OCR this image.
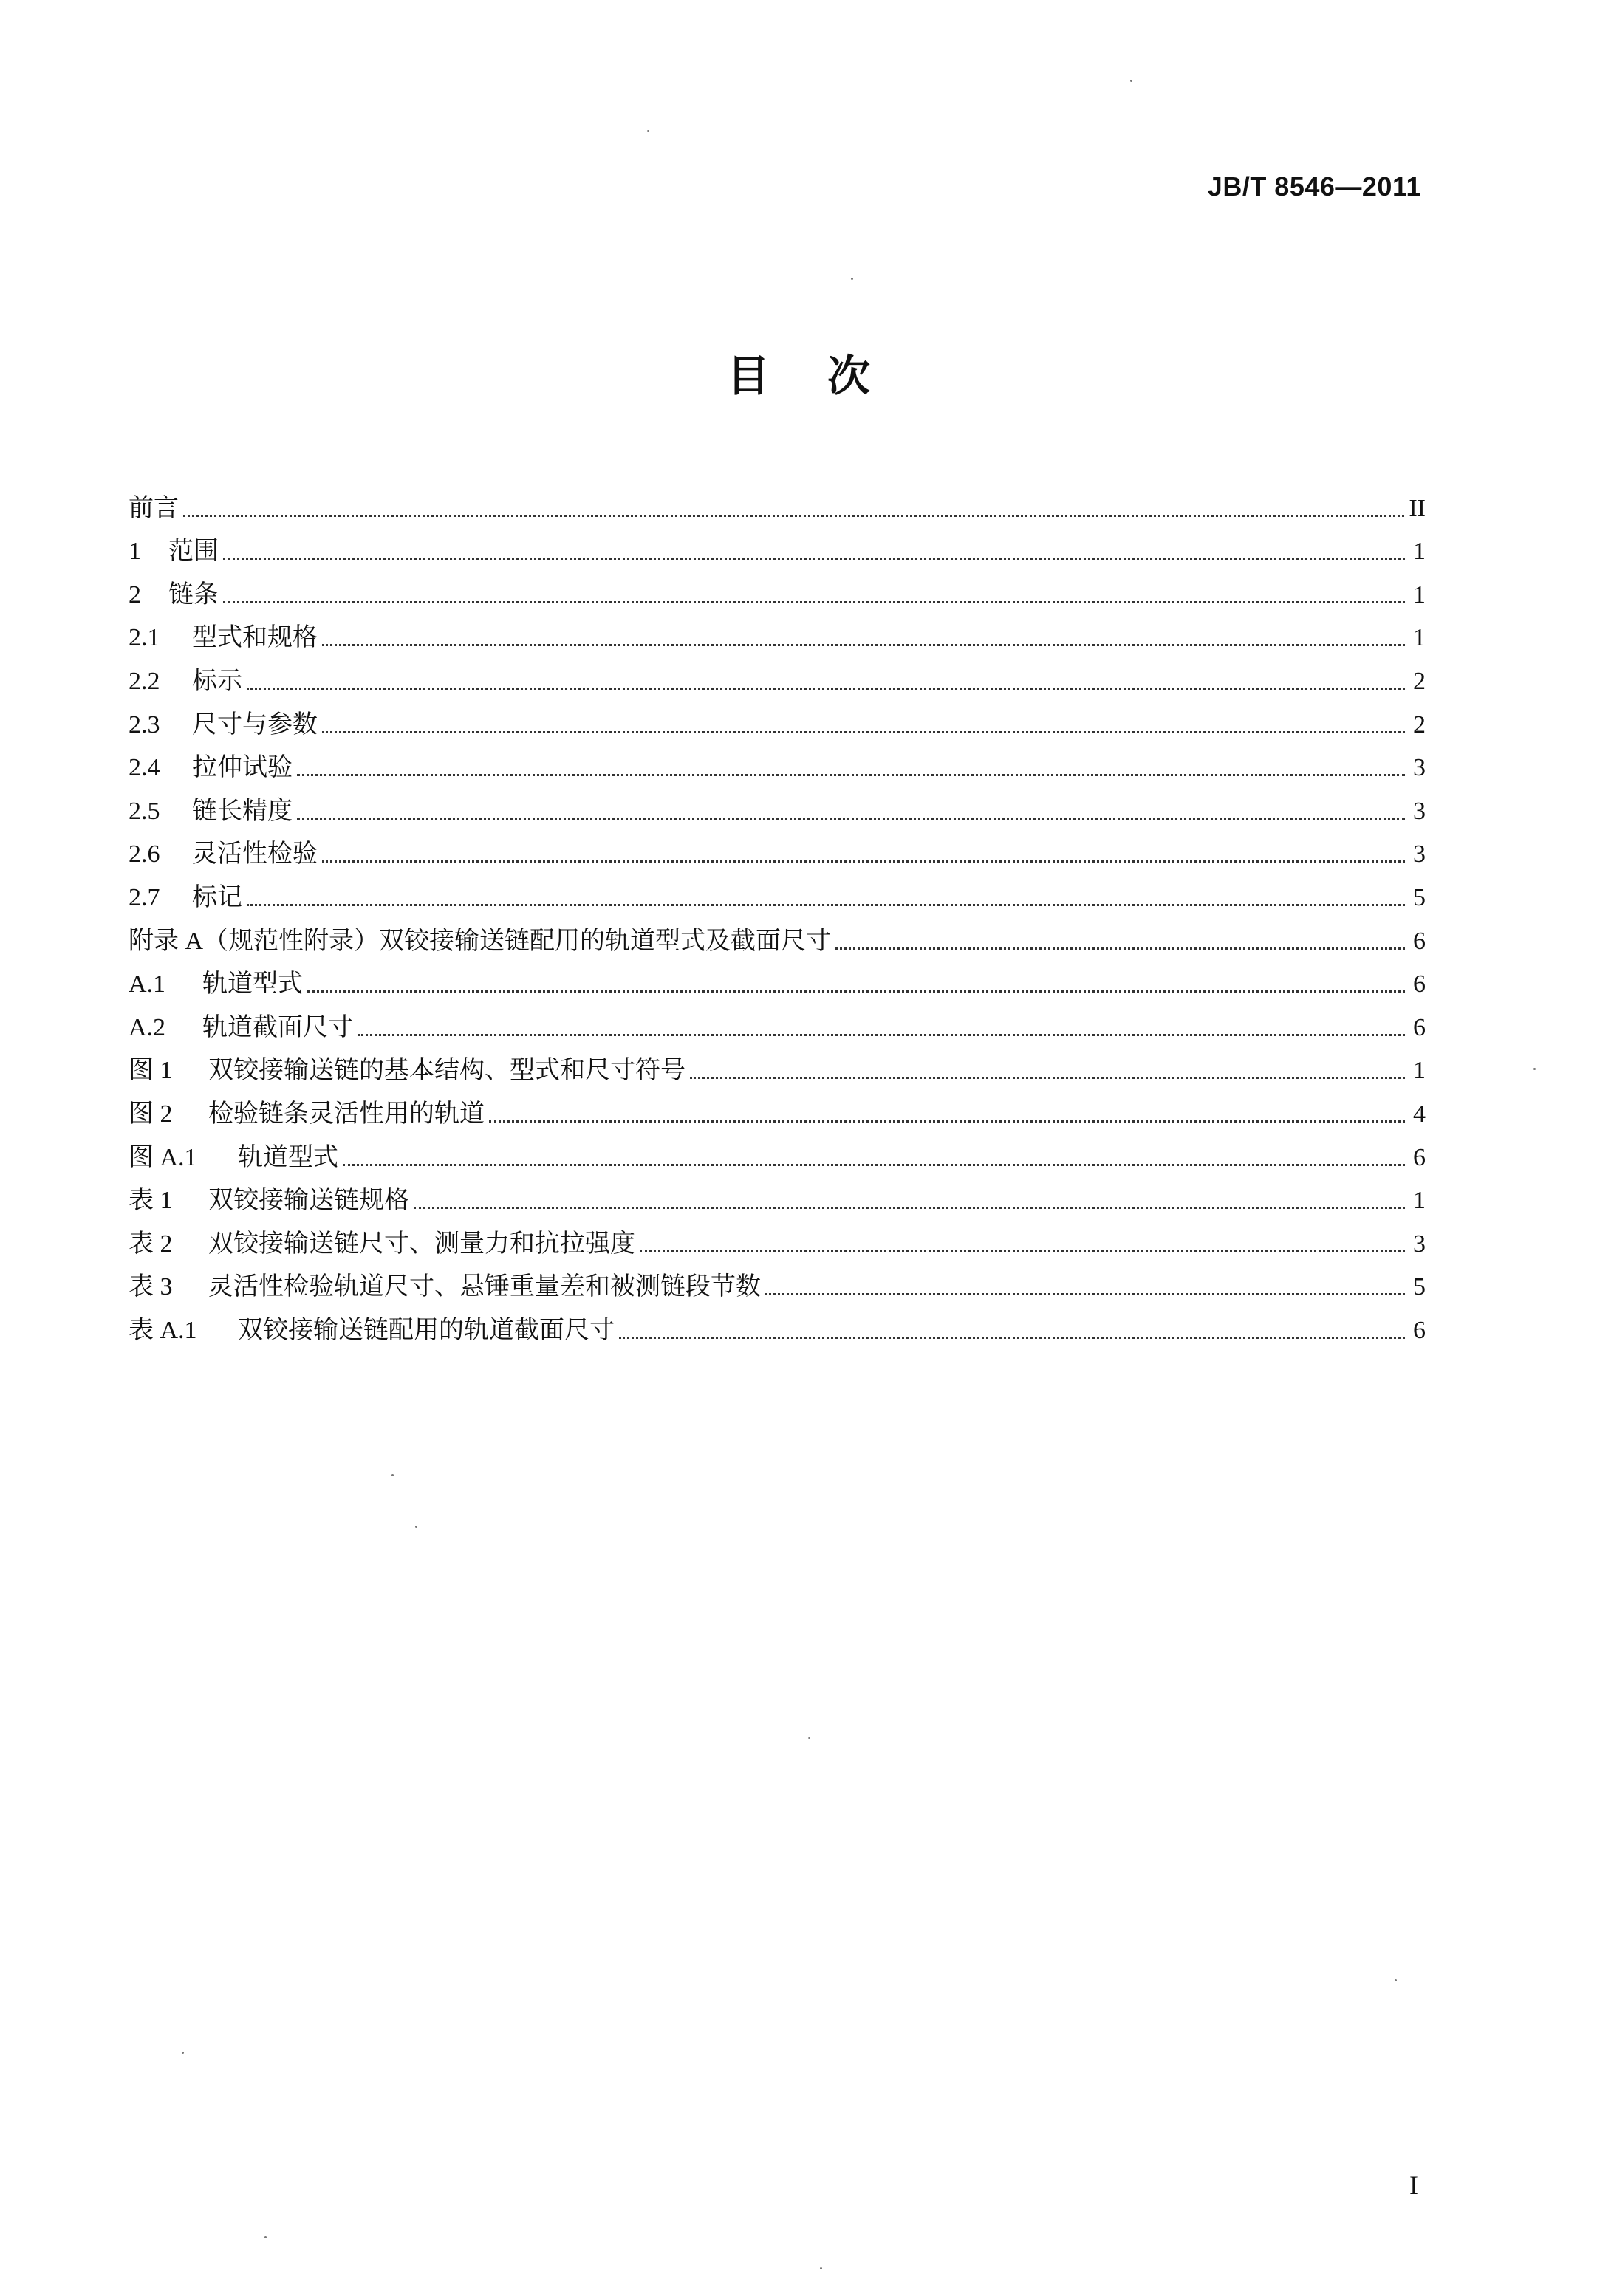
JB/T 8546—2011
目次
前言	II
1	范围	1
2	链条	1
2.1	型式和规格	1
2.2	标示	2
2.3	尺寸与参数	2
2.4	拉伸试验	3
2.5	链长精度	3
2.6	灵活性检验	3
2.7	标记	5
附录 A（规范性附录）双铰接输送链配用的轨道型式及截面尺寸	6
A.1	轨道型式	6
A.2	轨道截面尺寸	6
图 1	双铰接输送链的基本结构、型式和尺寸符号	1
图 2	检验链条灵活性用的轨道	4
图 A.1	轨道型式	6
表 1	双铰接输送链规格	1
表 2	双铰接输送链尺寸、测量力和抗拉强度	3
表 3	灵活性检验轨道尺寸、悬锤重量差和被测链段节数	5
表 A.1	双铰接输送链配用的轨道截面尺寸	6
I
